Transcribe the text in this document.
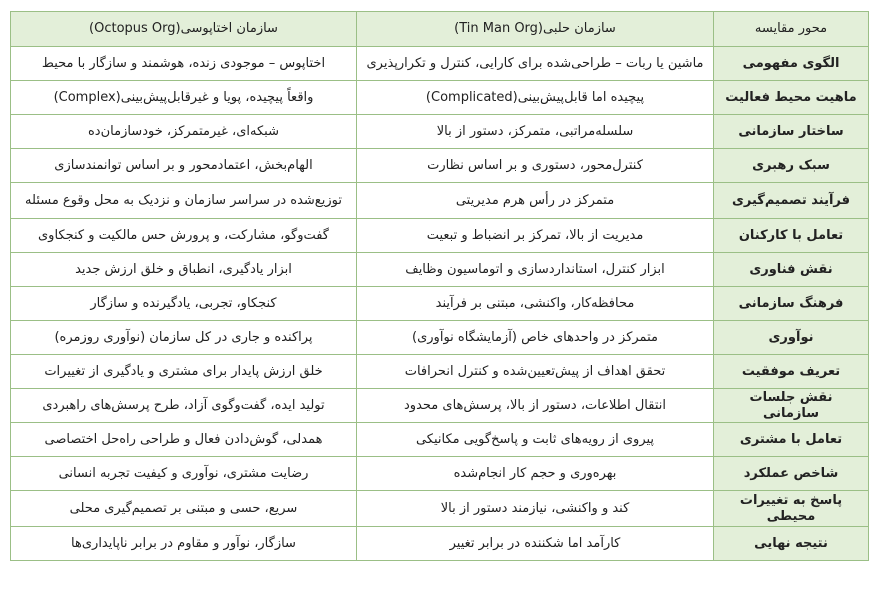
محور مقایسه	سازمان حلبی(Tin Man Org)	سازمان اختاپوسی(Octopus Org)
الگوی مفهومی	ماشین یا ربات – طراحی‌شده برای کارایی، کنترل و تکرارپذیری	اختاپوس – موجودی زنده، هوشمند و سازگار با محیط
ماهیت محیط فعالیت	پیچیده اما قابل‌پیش‌بینی(Complicated)	واقعاً پیچیده، پویا و غیرقابل‌پیش‌بینی(Complex)
ساختار سازمانی	سلسله‌مراتبی، متمرکز، دستور از بالا	شبکه‌ای، غیرمتمرکز، خودسازمان‌ده
سبک رهبری	کنترل‌محور، دستوری و بر اساس نظارت	الهام‌بخش، اعتمادمحور و بر اساس توانمندسازی
فرآیند تصمیم‌گیری	متمرکز در رأس هرم مدیریتی	توزیع‌شده در سراسر سازمان و نزدیک به محل وقوع مسئله
تعامل با کارکنان	مدیریت از بالا، تمرکز بر انضباط و تبعیت	گفت‌وگو، مشارکت، و پرورش حس مالکیت و کنجکاوی
نقش فناوری	ابزار کنترل، استانداردسازی و اتوماسیون وظایف	ابزار یادگیری، انطباق و خلق ارزش جدید
فرهنگ سازمانی	محافظه‌کار، واکنشی، مبتنی بر فرآیند	کنجکاو، تجربی، یادگیرنده و سازگار
نوآوری	متمرکز در واحدهای خاص (آزمایشگاه نوآوری)	پراکنده و جاری در کل سازمان (نوآوری روزمره)
تعریف موفقیت	تحقق اهداف از پیش‌تعیین‌شده و کنترل انحرافات	خلق ارزش پایدار برای مشتری و یادگیری از تغییرات
نقش جلسات سازمانی	انتقال اطلاعات، دستور از بالا، پرسش‌های محدود	تولید ایده، گفت‌وگوی آزاد، طرح پرسش‌های راهبردی
تعامل با مشتری	پیروی از رویه‌های ثابت و پاسخ‌گویی مکانیکی	همدلی، گوش‌دادن فعال و طراحی راه‌حل اختصاصی
شاخص عملکرد	بهره‌وری و حجم کار انجام‌شده	رضایت مشتری، نوآوری و کیفیت تجربه انسانی
پاسخ به تغییرات محیطی	کند و واکنشی، نیازمند دستور از بالا	سریع، حسی و مبتنی بر تصمیم‌گیری محلی
نتیجه نهایی	کارآمد اما شکننده در برابر تغییر	سازگار، نوآور و مقاوم در برابر ناپایداری‌ها
